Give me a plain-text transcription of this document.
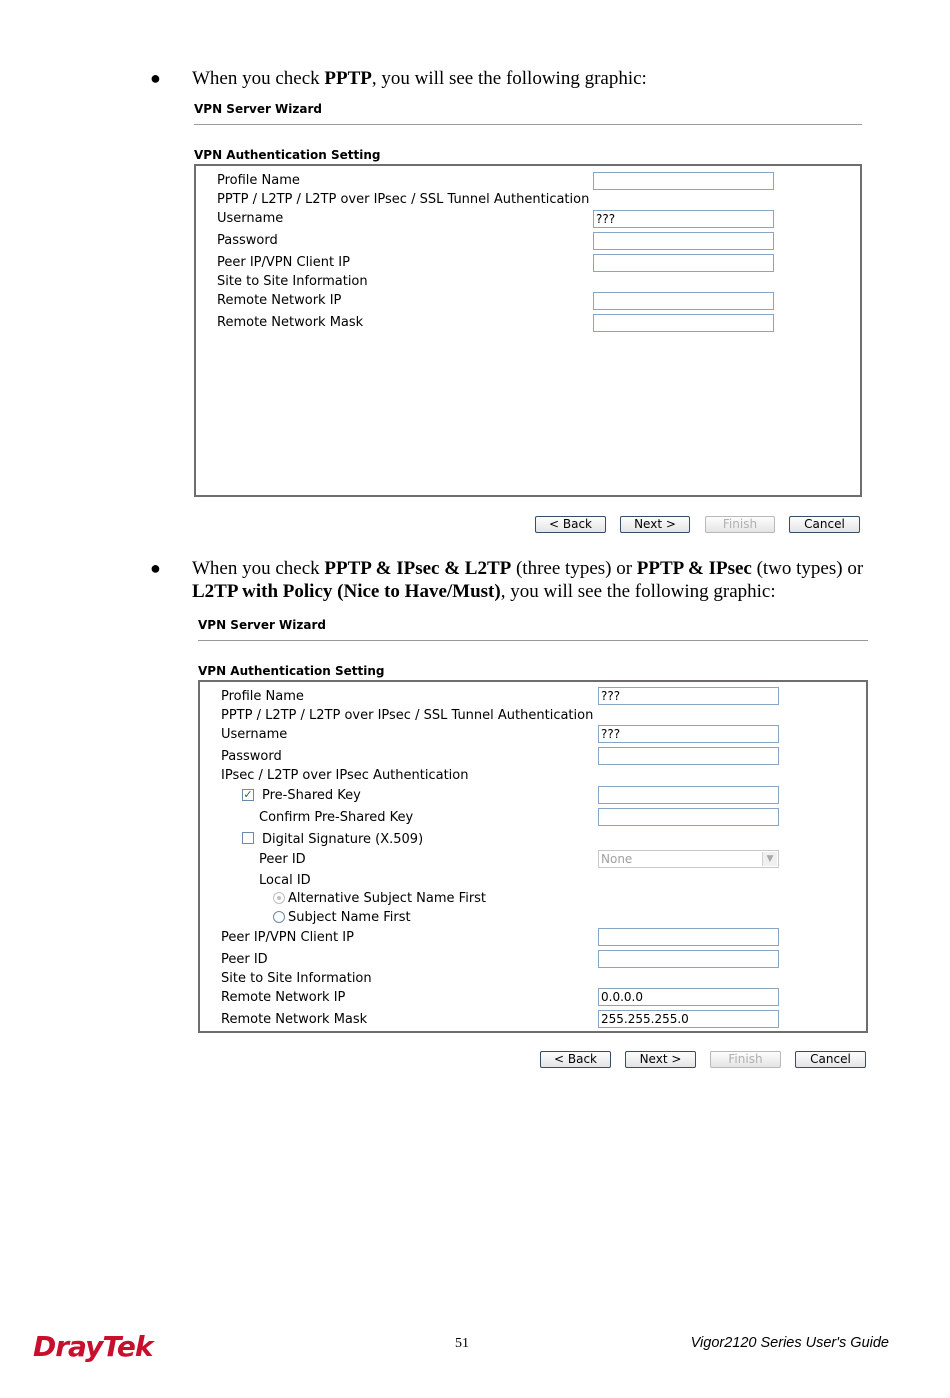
● When you check PPTP, you will see the following graphic:
VPN Server Wizard
VPN Authentication Setting
Profile Name
PPTP / L2TP / L2TP over IPsec / SSL Tunnel Authentication
Username	???
Password
Peer IP/VPN Client IP
Site to Site Information
Remote Network IP
Remote Network Mask
< Back	Next >	Finish	Cancel
● When you check PPTP & IPsec & L2TP (three types) or PPTP & IPsec (two types) or
L2TP with Policy (Nice to Have/Must), you will see the following graphic:
VPN Server Wizard
VPN Authentication Setting
Profile Name	???
PPTP / L2TP / L2TP over IPsec / SSL Tunnel Authentication
Username	???
Password
IPsec / L2TP over IPsec Authentication
✓ Pre-Shared Key
Confirm Pre-Shared Key
Digital Signature (X.509)
Peer ID	None	▼
Local ID
Alternative Subject Name First
Subject Name First
Peer IP/VPN Client IP
Peer ID
Site to Site Information
Remote Network IP	0.0.0.0
Remote Network Mask	255.255.255.0
< Back	Next >	Finish	Cancel
DrayTek	51	Vigor2120 Series User's Guide
